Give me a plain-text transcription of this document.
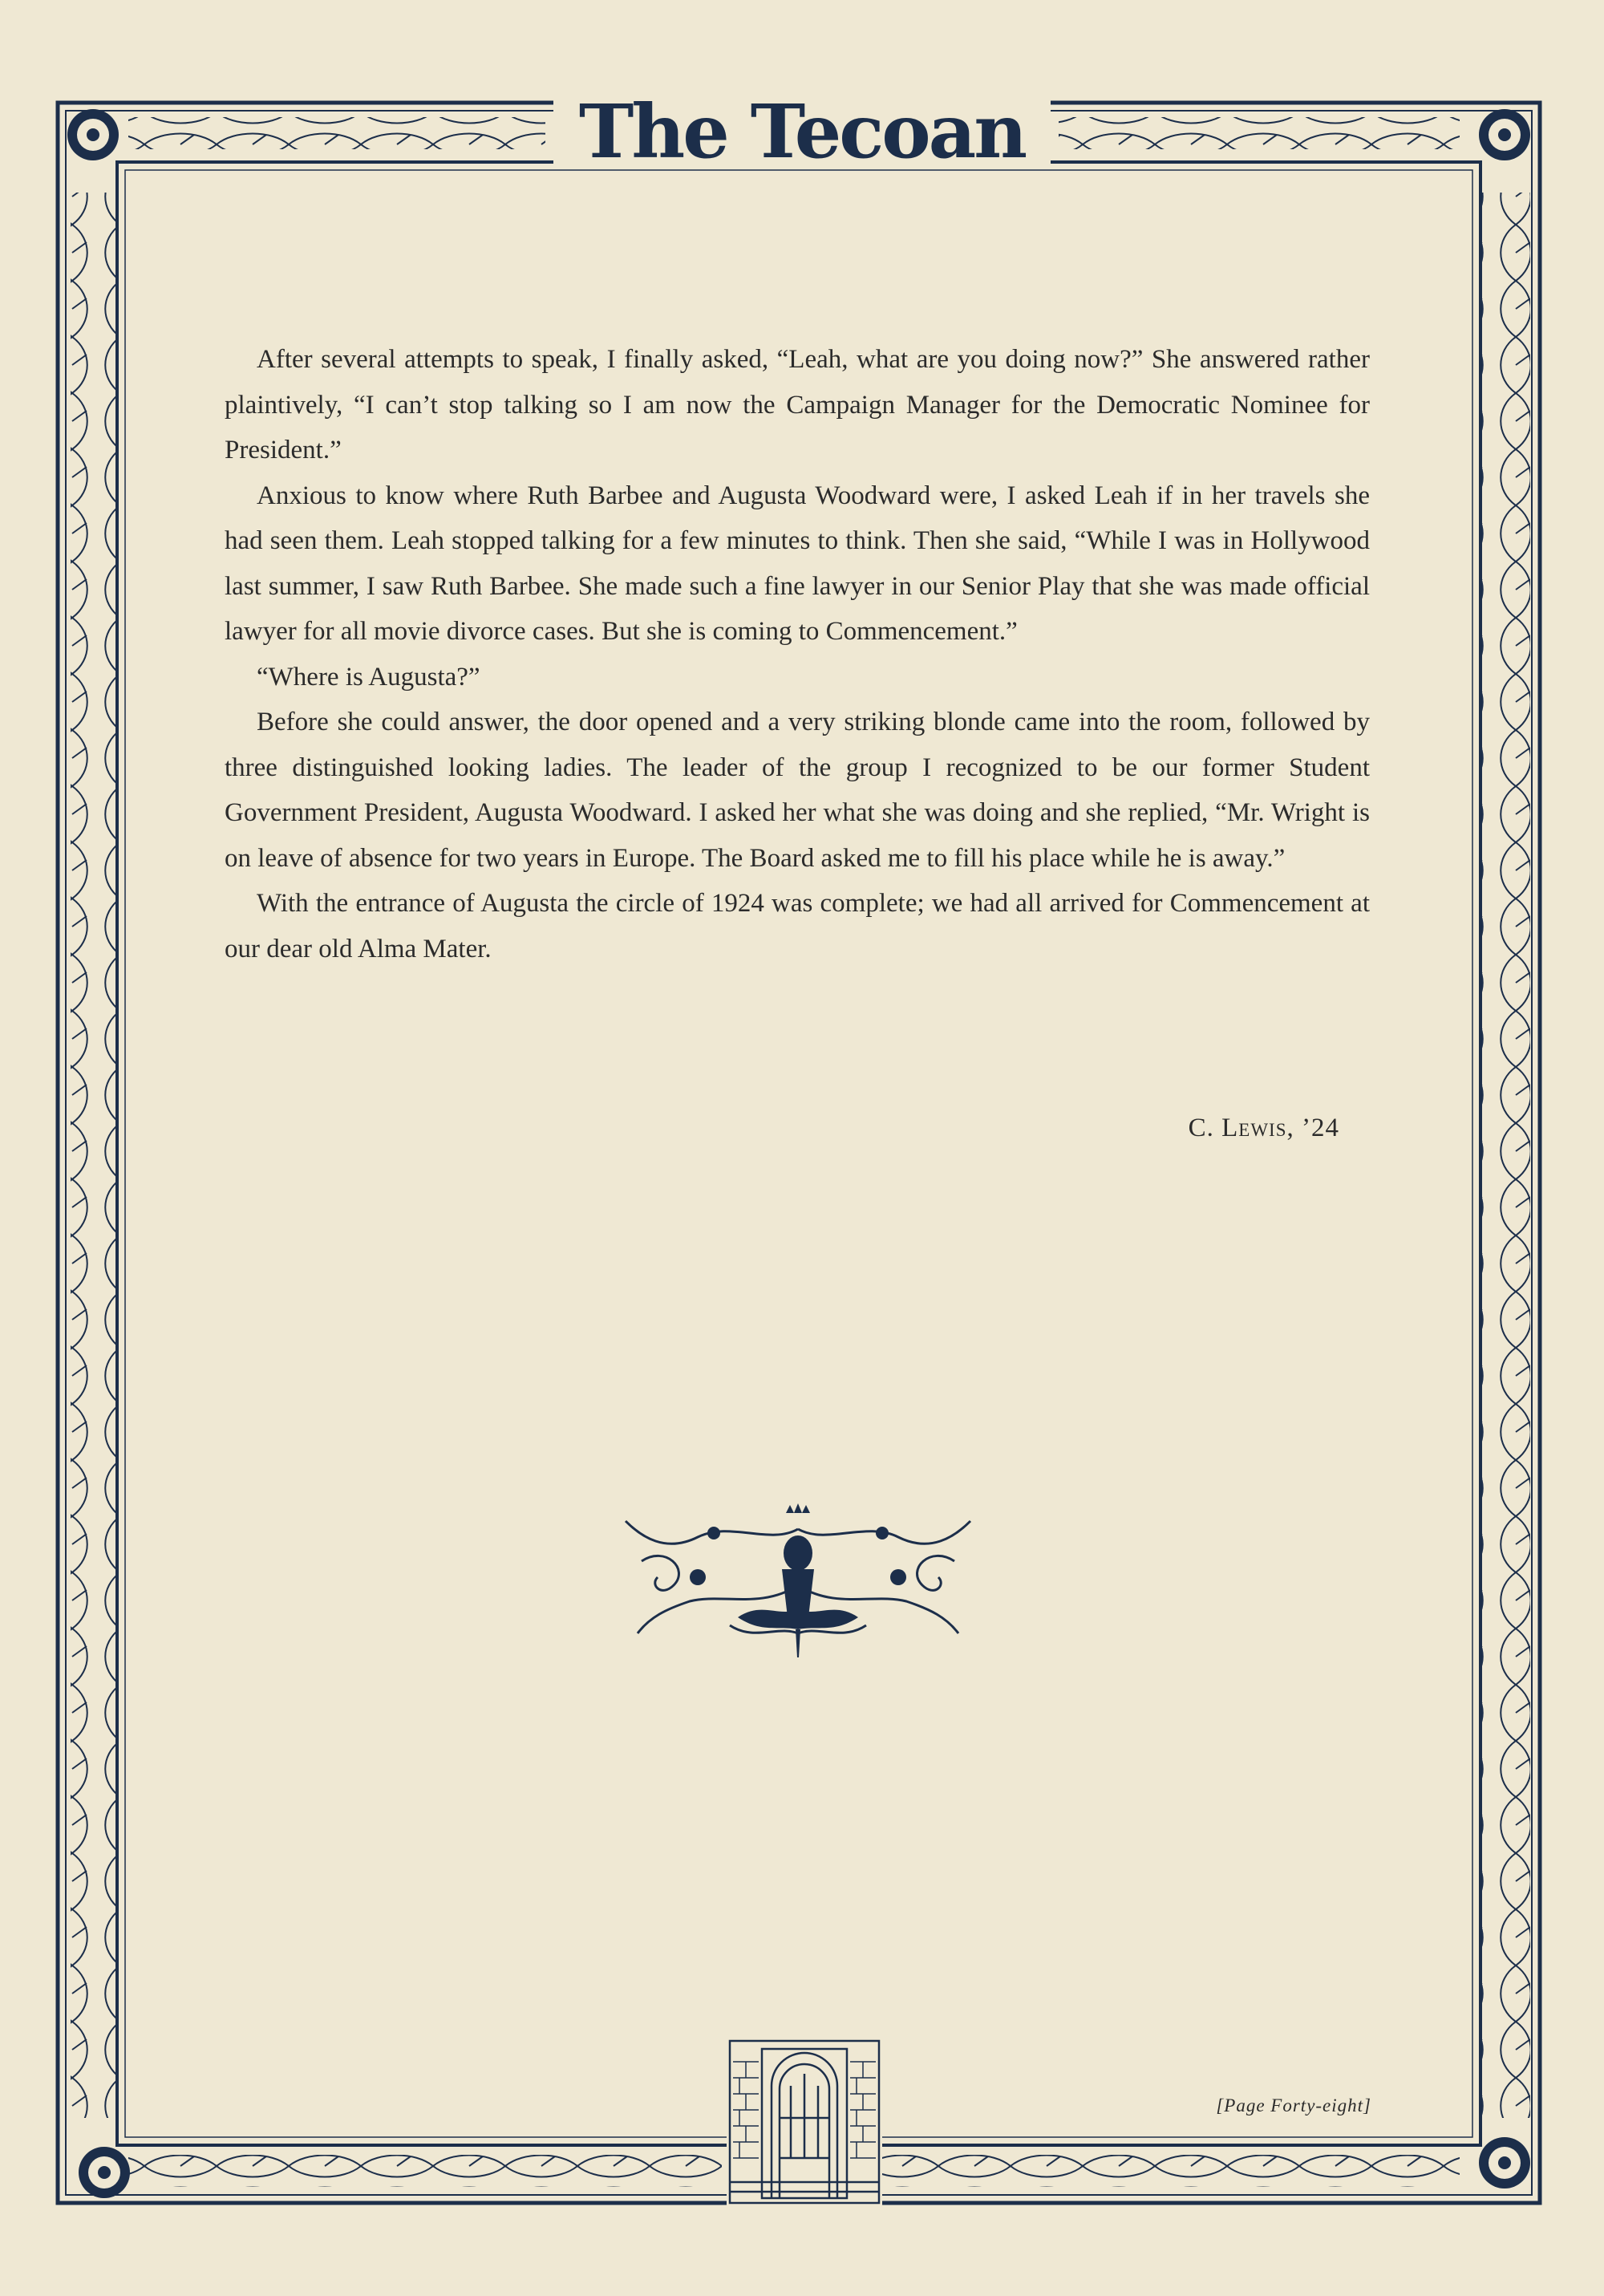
The Tecoan

After several attempts to speak, I finally asked, “Leah, what are you doing now?” She answered rather plaintively, “I can’t stop talking so I am now the Campaign Manager for the Democratic Nominee for President.”

Anxious to know where Ruth Barbee and Augusta Woodward were, I asked Leah if in her travels she had seen them. Leah stopped talking for a few minutes to think. Then she said, “While I was in Hollywood last summer, I saw Ruth Barbee. She made such a fine lawyer in our Senior Play that she was made official lawyer for all movie divorce cases. But she is coming to Commencement.”

“Where is Augusta?”

Before she could answer, the door opened and a very striking blonde came into the room, followed by three distinguished looking ladies. The leader of the group I recognized to be our former Student Government President, Augusta Woodward. I asked her what she was doing and she replied, “Mr. Wright is on leave of absence for two years in Europe. The Board asked me to fill his place while he is away.”

With the entrance of Augusta the circle of 1924 was complete; we had all arrived for Commencement at our dear old Alma Mater.

C. Lewis, ’24
[Page Forty-eight]
